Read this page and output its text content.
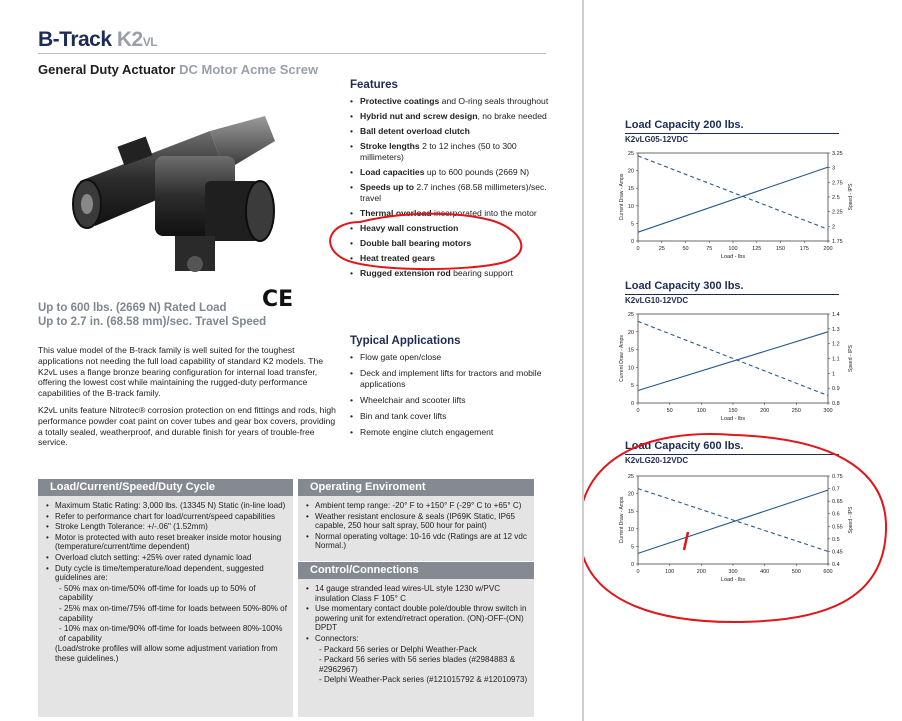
B-Track K2VL
General Duty Actuator DC Motor Acme Screw
Up to 600 lbs. (2669 N) Rated Load
Up to 2.7 in. (68.58 mm)/sec. Travel Speed
CE

This value model of the B-track family is well suited for the toughest applications not needing the full load capability of standard K2 models. The K2vL uses a flange bronze bearing configuration for internal load transfer, offering the lowest cost while maintaining the rugged-duty performance capabilities of the B-track family.

K2vL units feature Nitrotec® corrosion protection on end fittings and rods, high performance powder coat paint on cover tubes and gear box covers, providing a totally sealed, weatherproof, and durable finish for years of trouble-free service.

Features
• Protective coatings and O-ring seals throughout
• Hybrid nut and screw design, no brake needed
• Ball detent overload clutch
• Stroke lengths 2 to 12 inches (50 to 300 millimeters)
• Load capacities up to 600 pounds (2669 N)
• Speeds up to 2.7 inches (68.58 millimeters)/sec. travel
• Thermal overload incorporated into the motor
• Heavy wall construction
• Double ball bearing motors
• Heat treated gears
• Rugged extension rod bearing support
Typical Applications
• Flow gate open/close
• Deck and implement lifts for tractors and mobile applications
• Wheelchair and scooter lifts
• Bin and tank cover lifts
• Remote engine clutch engagement
Load/Current/Speed/Duty Cycle
• Maximum Static Rating: 3,000 lbs. (13345 N) Static (in-line load)
• Refer to performance chart for load/current/speed capabilities
• Stroke Length Tolerance: +/-.06" (1.52mm)
• Motor is protected with auto reset breaker inside motor housing (temperature/current/time dependent)
• Overload clutch setting: +25% over rated dynamic load
• Duty cycle is time/temperature/load dependent, suggested guidelines are:
- 50% max on-time/50% off-time for loads up to 50% of capability
- 25% max on-time/75% off-time for loads between 50%-80% of capability
- 10% max on-time/90% off-time for loads between 80%-100% of capability
(Load/stroke profiles will allow some adjustment variation from these guidelines.)
Operating Enviroment
• Ambient temp range: -20° F to +150° F (-29° C to +65° C)
• Weather resistant enclosure & seals (IP69K Static, IP65 capable, 250 hour salt spray, 500 hour for paint)
• Normal operating voltage: 10-16 vdc (Ratings are at 12 vdc Normal.)
Control/Connections
• 14 gauge stranded lead wires-UL style 1230 w/PVC insulation Class F 105° C
• Use momentary contact double pole/double throw switch in powering unit for extend/retract operation. (ON)-OFF-(ON) DPDT
• Connectors:
- Packard 56 series or Delphi Weather-Pack
- Packard 56 series with 56 series blades (#2984883 & #2962967)
- Delphi Weather-Pack series (#121015792 & #12010973)
Load Capacity 200 lbs.
K2vLG05-12VDC
Load Capacity 300 lbs.
K2vLG10-12VDC
Load Capacity 600 lbs.
K2vLG20-12VDC
0	25	50	75	100	125	150	175	200
0
5
10
15
20
25
1.75
2
2.25
2.5
2.75
3
3.25
Load - lbs
Current Draw - Amps	Speed - IPS
0	50	100	150	200	250	300
0
5
10
15
20
25
0.8
0.9
1
1.1
1.2
1.3
1.4
Load - lbs
Current Draw - Amps	Speed - IPS
0	100	200	300	400	500	600
0
5
10
15
20
25
0.4
0.45
0.5
0.55
0.6
0.65
0.7
0.75
Load - lbs
Current Draw - Amps	Speed - IPS
